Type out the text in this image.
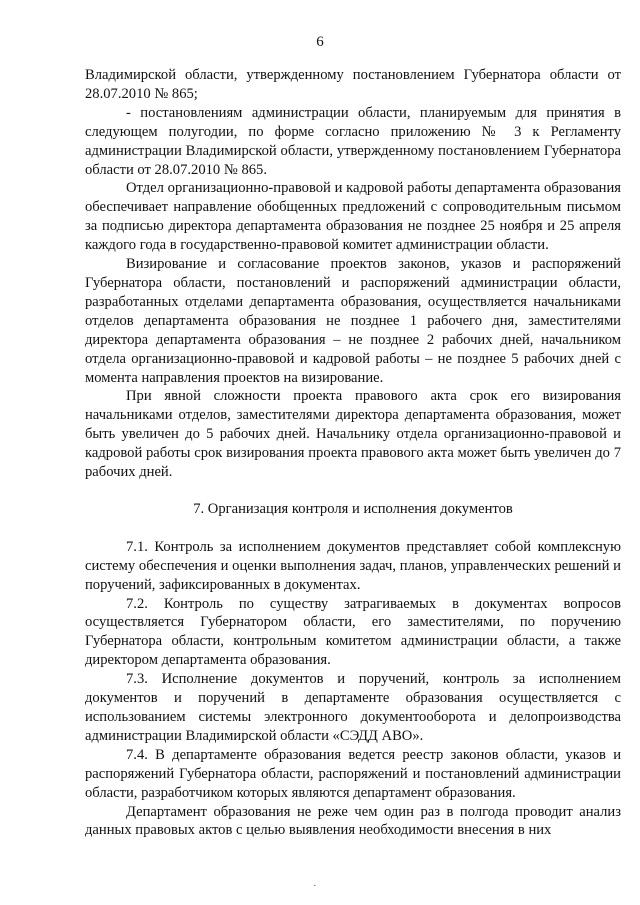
6

Владимирской области, утвержденному постановлением Губернатора области от 28.07.2010 № 865;

- постановлениям администрации области, планируемым для принятия в следующем полугодии, по форме согласно приложению № 3 к Регламенту администрации Владимирской области, утвержденному постановлением Губернатора области от 28.07.2010 № 865.

Отдел организационно-правовой и кадровой работы департамента образования обеспечивает направление обобщенных предложений с сопроводительным письмом за подписью директора департамента образования не позднее 25 ноября и 25 апреля каждого года в государственно-правовой комитет администрации области.

Визирование и согласование проектов законов, указов и распоряжений Губернатора области, постановлений и распоряжений администрации области, разработанных отделами департамента образования, осуществляется начальниками отделов департамента образования не позднее 1 рабочего дня, заместителями директора департамента образования – не позднее 2 рабочих дней, начальником отдела организационно-правовой и кадровой работы – не позднее 5 рабочих дней с момента направления проектов на визирование.

При явной сложности проекта правового акта срок его визирования начальниками отделов, заместителями директора департамента образования, может быть увеличен до 5 рабочих дней. Начальнику отдела организационно-правовой и кадровой работы срок визирования проекта правового акта может быть увеличен до 7 рабочих дней.

7. Организация контроля и исполнения документов

7.1. Контроль за исполнением документов представляет собой комплексную систему обеспечения и оценки выполнения задач, планов, управленческих решений и поручений, зафиксированных в документах.

7.2. Контроль по существу затрагиваемых в документах вопросов осуществляется Губернатором области, его заместителями, по поручению Губернатора области, контрольным комитетом администрации области, а также директором департамента образования.

7.3. Исполнение документов и поручений, контроль за исполнением документов и поручений в департаменте образования осуществляется с использованием системы электронного документооборота и делопроизводства администрации Владимирской области «СЭДД АВО».

7.4. В департаменте образования ведется реестр законов области, указов и распоряжений Губернатора области, распоряжений и постановлений администрации области, разработчиком которых являются департамент образования.

Департамент образования не реже чем один раз в полгода проводит анализ данных правовых актов с целью выявления необходимости внесения в них

·
